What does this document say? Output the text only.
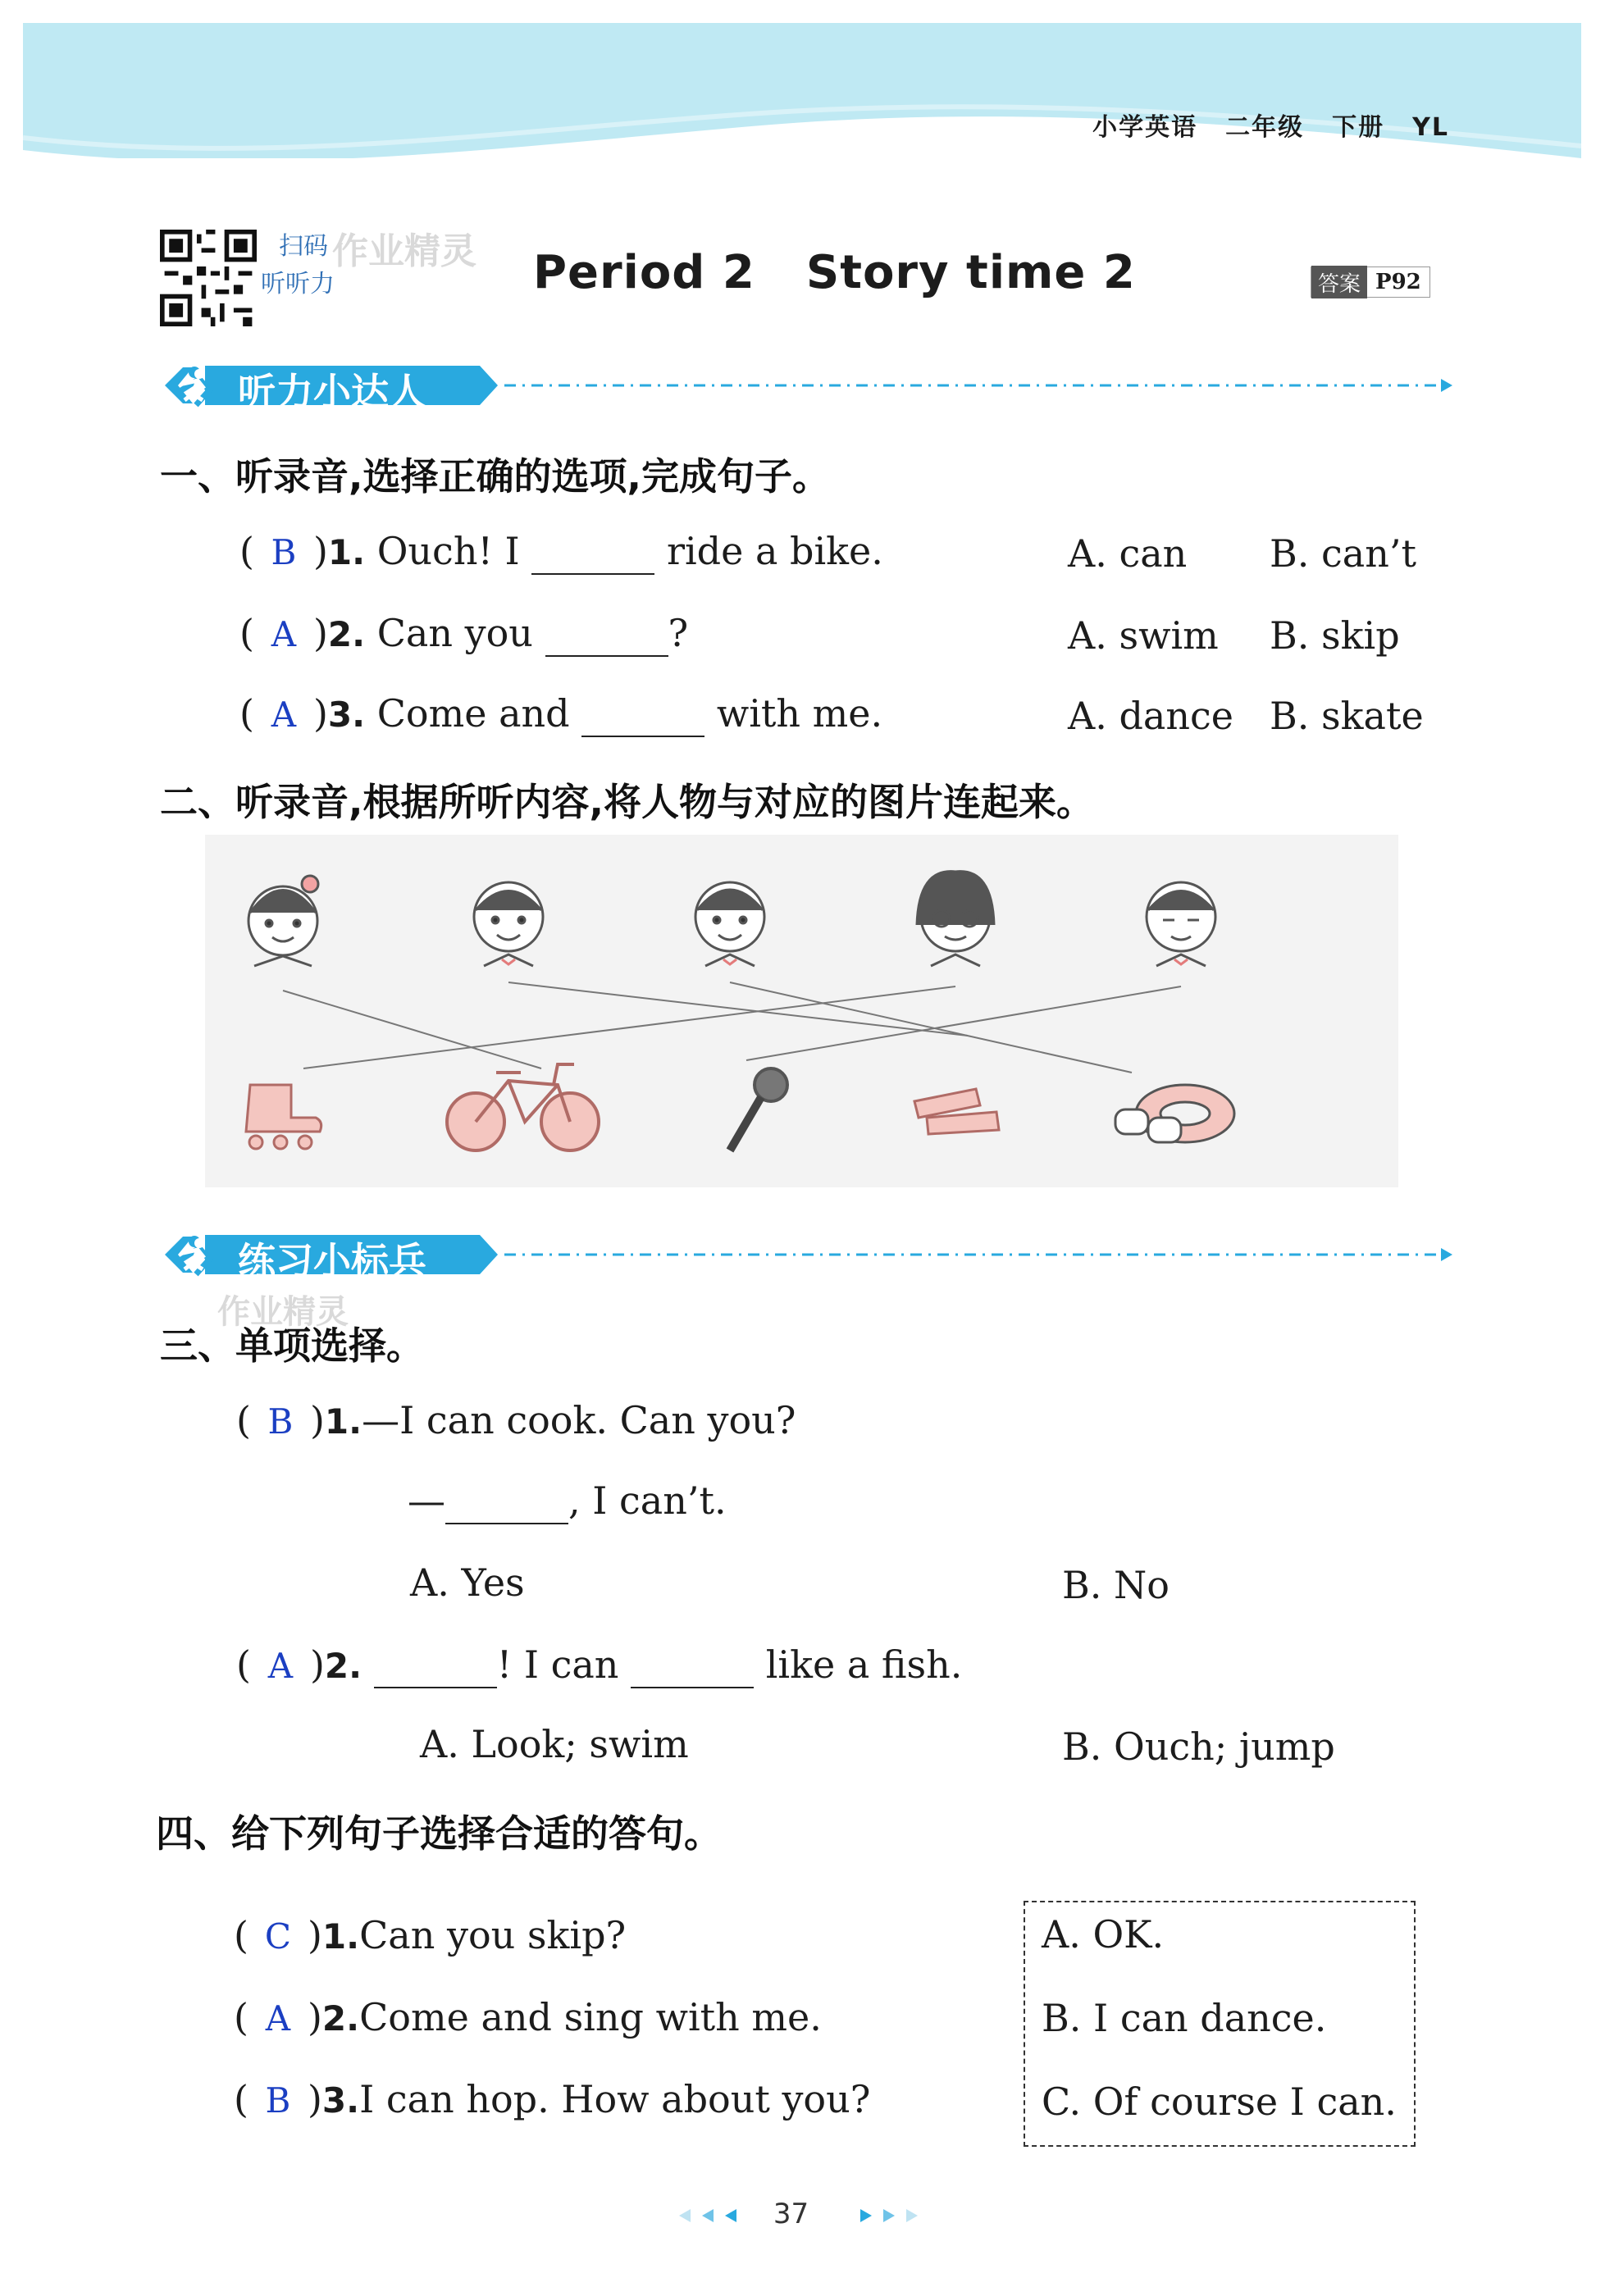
小学英语 二年级 下册 YL
扫码
听听力
作业精灵 Period 2 Story time 2	答案 P92
听力小达人
一、听录音,选择正确的选项,完成句子。
( B )1. Ouch! I	ride a bike.	A. can B. can’t
( A )2. Can you	?	A. swim B. skip
( A )3. Come and	with me.	A. dance B. skate
二、听录音,根据所听内容,将人物与对应的图片连起来。
练习小标兵
作业精灵
三、单项选择。
( B )1.—I can cook. Can you?
—	, I can’t.
A. Yes	B. No
( A )2.	! I can	like a fish.
A. Look; swim	B. Ouch; jump
四、给下列句子选择合适的答句。
( C )1.Can you skip?
( A )2.Come and sing with me.
( B )3.I can hop. How about you?
A. OK.
B. I can dance.
C. Of course I can.
37
